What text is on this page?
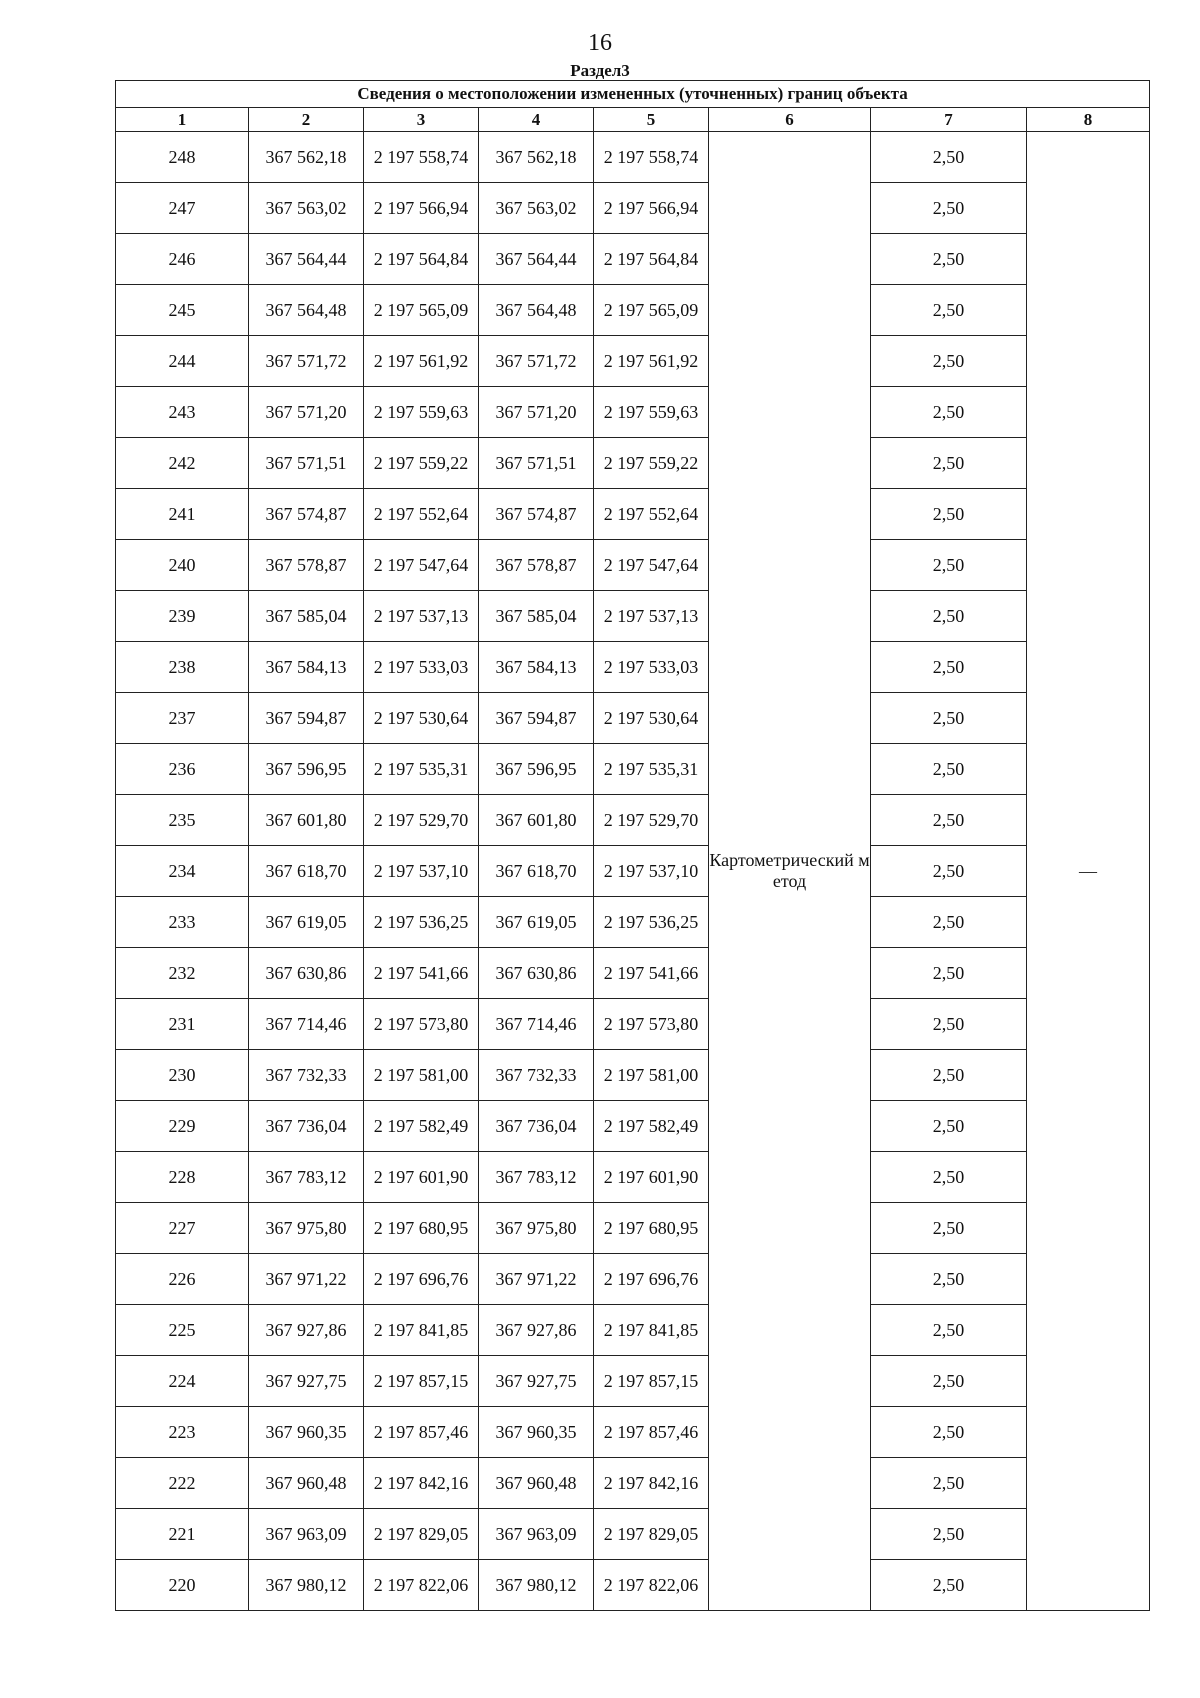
16
Раздел3
Сведения о местоположении измененных (уточненных) границ объекта							
1	2	3	4	5	6	7	8
248	367 562,18	2 197 558,74	367 562,18	2 197 558,74	Картометрический метод	2,50	—
247	367 563,02	2 197 566,94	367 563,02	2 197 566,94		2,50	
246	367 564,44	2 197 564,84	367 564,44	2 197 564,84		2,50	
245	367 564,48	2 197 565,09	367 564,48	2 197 565,09		2,50	
244	367 571,72	2 197 561,92	367 571,72	2 197 561,92		2,50	
243	367 571,20	2 197 559,63	367 571,20	2 197 559,63		2,50	
242	367 571,51	2 197 559,22	367 571,51	2 197 559,22		2,50	
241	367 574,87	2 197 552,64	367 574,87	2 197 552,64		2,50	
240	367 578,87	2 197 547,64	367 578,87	2 197 547,64		2,50	
239	367 585,04	2 197 537,13	367 585,04	2 197 537,13		2,50	
238	367 584,13	2 197 533,03	367 584,13	2 197 533,03		2,50	
237	367 594,87	2 197 530,64	367 594,87	2 197 530,64		2,50	
236	367 596,95	2 197 535,31	367 596,95	2 197 535,31		2,50	
235	367 601,80	2 197 529,70	367 601,80	2 197 529,70		2,50	
234	367 618,70	2 197 537,10	367 618,70	2 197 537,10		2,50	
233	367 619,05	2 197 536,25	367 619,05	2 197 536,25		2,50	
232	367 630,86	2 197 541,66	367 630,86	2 197 541,66		2,50	
231	367 714,46	2 197 573,80	367 714,46	2 197 573,80		2,50	
230	367 732,33	2 197 581,00	367 732,33	2 197 581,00		2,50	
229	367 736,04	2 197 582,49	367 736,04	2 197 582,49		2,50	
228	367 783,12	2 197 601,90	367 783,12	2 197 601,90		2,50	
227	367 975,80	2 197 680,95	367 975,80	2 197 680,95		2,50	
226	367 971,22	2 197 696,76	367 971,22	2 197 696,76		2,50	
225	367 927,86	2 197 841,85	367 927,86	2 197 841,85		2,50	
224	367 927,75	2 197 857,15	367 927,75	2 197 857,15		2,50	
223	367 960,35	2 197 857,46	367 960,35	2 197 857,46		2,50	
222	367 960,48	2 197 842,16	367 960,48	2 197 842,16		2,50	
221	367 963,09	2 197 829,05	367 963,09	2 197 829,05		2,50	
220	367 980,12	2 197 822,06	367 980,12	2 197 822,06		2,50	
